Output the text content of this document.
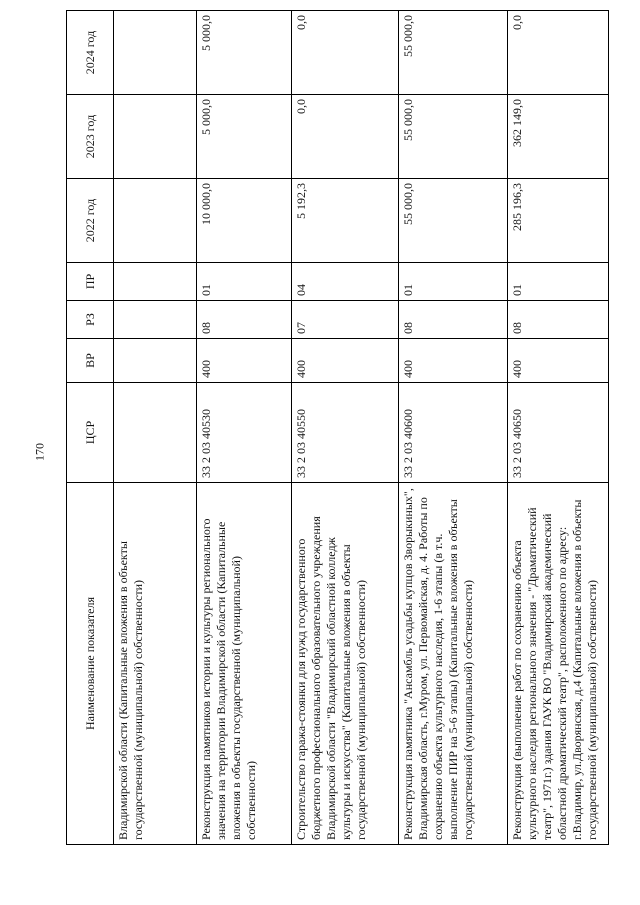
170
Наименование показателя	ЦСР	ВР	РЗ	ПР	2022 год	2023 год	2024 год
Владимирской области (Капитальные вложения в объекты государственной (муниципальной) собственности)							
Реконструкция памятников истории и культуры регионального значения на территории Владимирской области (Капитальные вложения в объекты государственной (муниципальной) собственности)	33 2 03 40530	400	08	01	10 000,0	5 000,0	5 000,0
Строительство гаража-стоянки для нужд государственного бюджетного профессионального образовательного учреждения Владимирской области "Владимирский областной колледж культуры и искусства" (Капитальные вложения в объекты государственной (муниципальной) собственности)	33 2 03 40550	400	07	04	5 192,3	0,0	0,0
Реконструкция памятника "Ансамбль усадьбы купцов Зворыкиных", Владимирская область, г.Муром, ул. Первомайская, д. 4. Работы по сохранению объекта культурного наследия, 1-6 этапы (в т.ч. выполнение ПИР на 5-6 этапы) (Капитальные вложения в объекты государственной (муниципальной) собственности)	33 2 03 40600	400	08	01	55 000,0	55 000,0	55 000,0
Реконструкция (выполнение работ по сохранению объекта культурного наследия регионального значения - "Драматический театр", 1971г.) здания ГАУК ВО "Владимирский академический областной драматический театр", расположенного по адресу: г.Владимир, ул.Дворянская, д.4 (Капитальные вложения в объекты государственной (муниципальной) собственности)	33 2 03 40650	400	08	01	285 196,3	362 149,0	0,0
